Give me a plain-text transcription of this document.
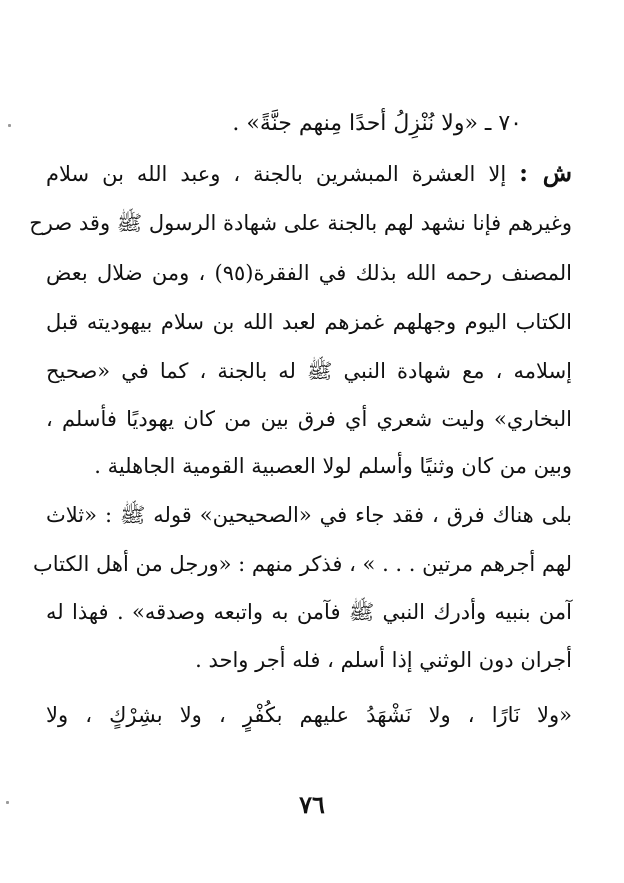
٧٠ ـ «ولا نُنْزِلُ أحدًا مِنهم جنَّةً» .
ش : إلا العشرة المبشرين بالجنة ، وعبد الله بن سلام
وغيرهم فإنا نشهد لهم بالجنة على شهادة الرسول ﷺ وقد صرح
المصنف رحمه الله بذلك في الفقرة(٩٥) ، ومن ضلال بعض
الكتاب اليوم وجهلهم غمزهم لعبد الله بن سلام بيهوديته قبل
إسلامه ، مع شهادة النبي ﷺ له بالجنة ، كما في «صحيح
البخاري» وليت شعري أي فرق بين من كان يهوديًا فأسلم ،
وبين من كان وثنيًا وأسلم لولا العصبية القومية الجاهلية .
بلى هناك فرق ، فقد جاء في «الصحيحين» قوله ﷺ : «ثلاث
لهم أجرهم مرتين . . . » ، فذكر منهم : «ورجل من أهل الكتاب
آمن بنبيه وأدرك النبي ﷺ فآمن به واتبعه وصدقه» . فهذا له
أجران دون الوثني إذا أسلم ، فله أجر واحد .
«ولا نَارًا ، ولا نَشْهَدُ عليهم بكُفْرٍ ، ولا بشِرْكٍ ، ولا
٧٦
